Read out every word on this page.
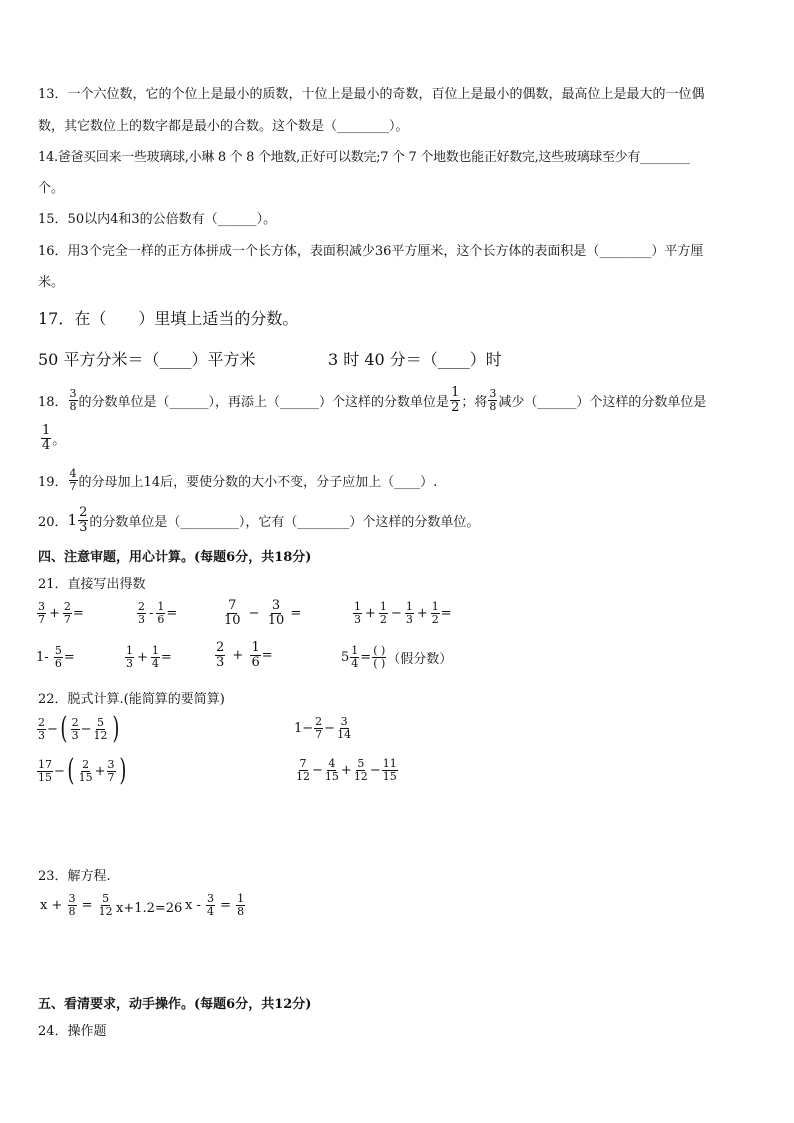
13．一个六位数，它的个位上是最小的质数，十位上是最小的奇数，百位上是最小的偶数，最高位上是最大的一位偶
数，其它数位上的数字都是最小的合数。这个数是（________）。
14.爸爸买回来一些玻璃球,小琳 8 个 8 个地数,正好可以数完;7 个 7 个地数也能正好数完,这些玻璃球至少有________
个。
15．50以内4和3的公倍数有（______）。
16．用3个完全一样的正方体拼成一个长方体，表面积减少36平方厘米，这个长方体的表面积是（________）平方厘
米。
17．在（　　）里填上适当的分数。
50 平方分米＝（____）平方米	3 时 40 分＝（____）时
18． $\frac{3}{8}$ 的分数单位是（______），再添上（______）个这样的分数单位是 $\frac{1}{2}$ ；将 $\frac{3}{8}$ 减少（______）个这样的分数单位是
$\frac{1}{4}$ 。
19． $\frac{4}{7}$ 的分母加上14后，要使分数的大小不变，分子应加上（____）.
20． $1 \frac{2}{3}$ 的分数单位是（_________），它有（________）个这样的分数单位。
四、注意审题，用心计算。(每题6分，共18分)
21．直接写出得数
$\frac{3}{7} + \frac{2}{7}$ =	$\frac{2}{3} - \frac{1}{6}$ =	$\frac{7}{10} - \frac{3}{10}$ =	$\frac{1}{3} + \frac{1}{2} - \frac{1}{3} + \frac{1}{2}$ =
1-
$\frac{5}{6}$ =	$\frac{1}{3} + \frac{1}{4}$ =	$\frac{2}{3} + \frac{1}{6}$ =	$5 \frac{1}{4} = \frac{( )}{( )}$ （假分数）
22．脱式计算.(能简算的要简算)
$\frac{2}{3}$ − ( $\frac{2}{3} - \frac{5}{12}$ )	$1- \frac{2}{7} - \frac{3}{14}$
$\frac{17}{15}$ − ( $\frac{2}{15} + \frac{3}{7}$ )	$\frac{7}{12} - \frac{4}{15} + \frac{5}{12} - \frac{11}{15}$
23．解方程.
$x + \frac{3}{8} = \frac{5}{12} x+1.2=26$ $x - \frac{3}{4} = \frac{1}{8}$
五、看清要求，动手操作。(每题6分，共12分)
24．操作题
